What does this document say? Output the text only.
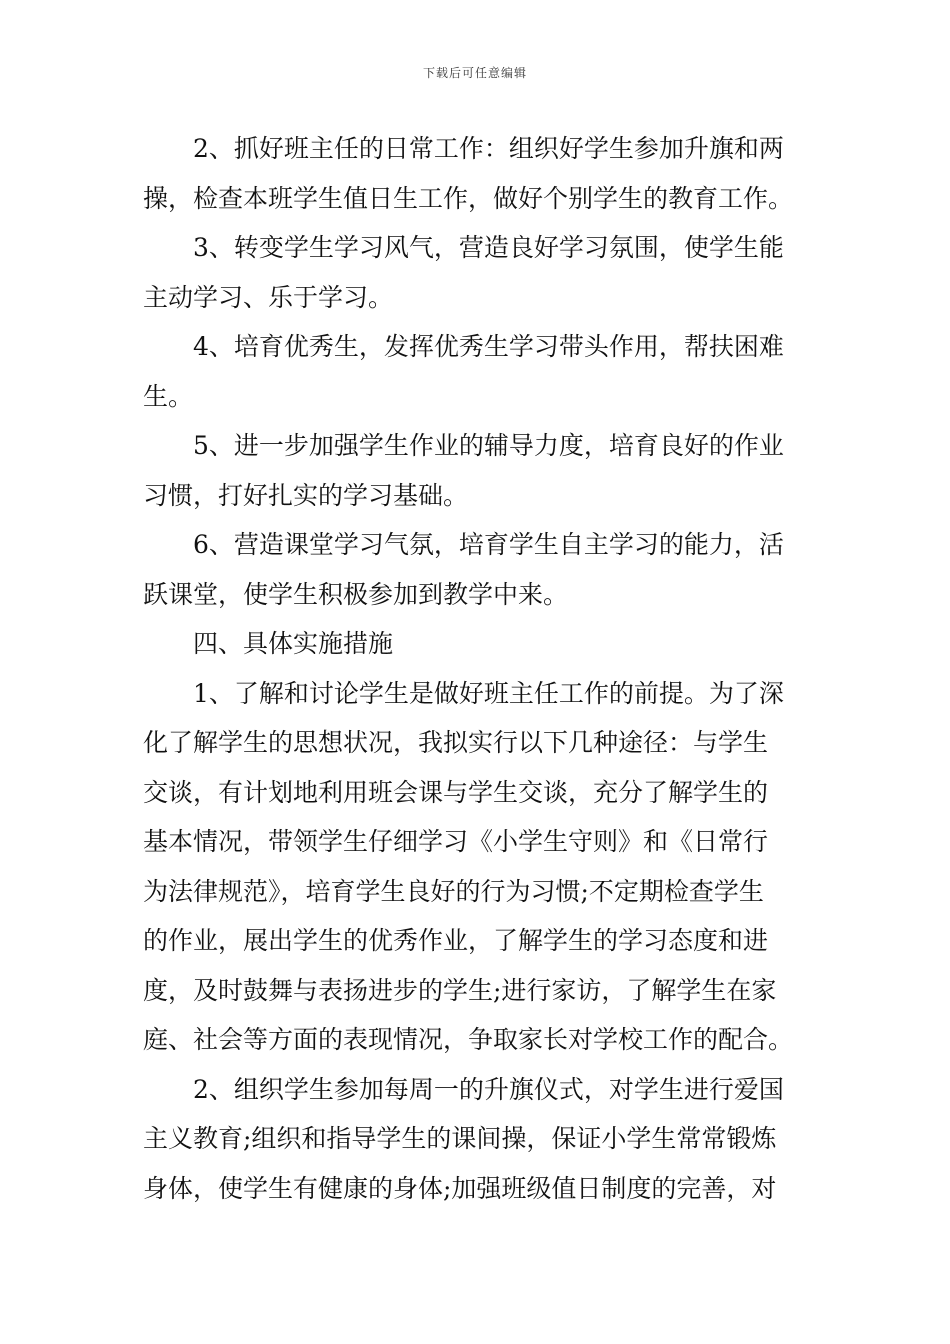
下载后可任意编辑

2、抓好班主任的日常工作：组织好学生参加升旗和两
操，检查本班学生值日生工作，做好个别学生的教育工作。

3、转变学生学习风气，营造良好学习氛围，使学生能
主动学习、乐于学习。

4、培育优秀生，发挥优秀生学习带头作用，帮扶困难
生。

5、进一步加强学生作业的辅导力度，培育良好的作业
习惯，打好扎实的学习基础。

6、营造课堂学习气氛，培育学生自主学习的能力，活
跃课堂，使学生积极参加到教学中来。

四、具体实施措施

1、了解和讨论学生是做好班主任工作的前提。为了深
化了解学生的思想状况，我拟实行以下几种途径：与学生
交谈，有计划地利用班会课与学生交谈，充分了解学生的
基本情况，带领学生仔细学习《小学生守则》和《日常行
为法律规范》，培育学生良好的行为习惯;不定期检查学生
的作业，展出学生的优秀作业，了解学生的学习态度和进
度，及时鼓舞与表扬进步的学生;进行家访，了解学生在家
庭、社会等方面的表现情况，争取家长对学校工作的配合。

2、组织学生参加每周一的升旗仪式，对学生进行爱国
主义教育;组织和指导学生的课间操，保证小学生常常锻炼
身体，使学生有健康的身体;加强班级值日制度的完善，对
